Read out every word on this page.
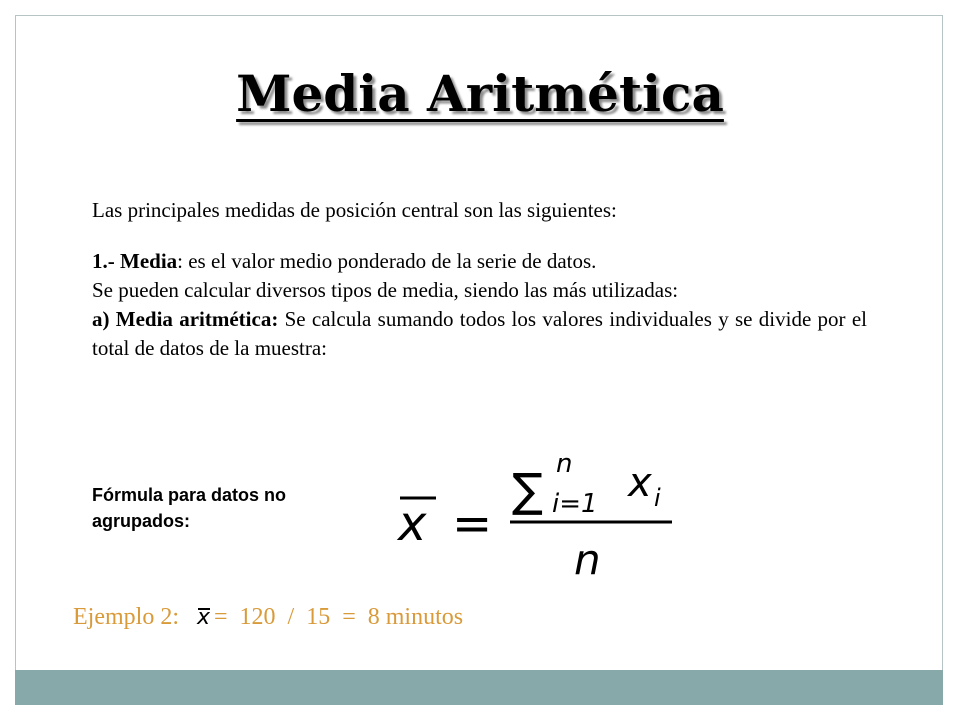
Media Aritmética

Las principales medidas de posición central son las siguientes:

1.- Media: es el valor medio ponderado de la serie de datos.

Se pueden calcular diversos tipos de media, siendo las más utilizadas:

a) Media aritmética: Se calcula sumando todos los valores individuales y se divide por el total de datos de la muestra:

Fórmula para datos no agrupados:	x =
∑ n
i=1 x i
n
Ejemplo 2: x =  120  /  15  =  8 minutos
